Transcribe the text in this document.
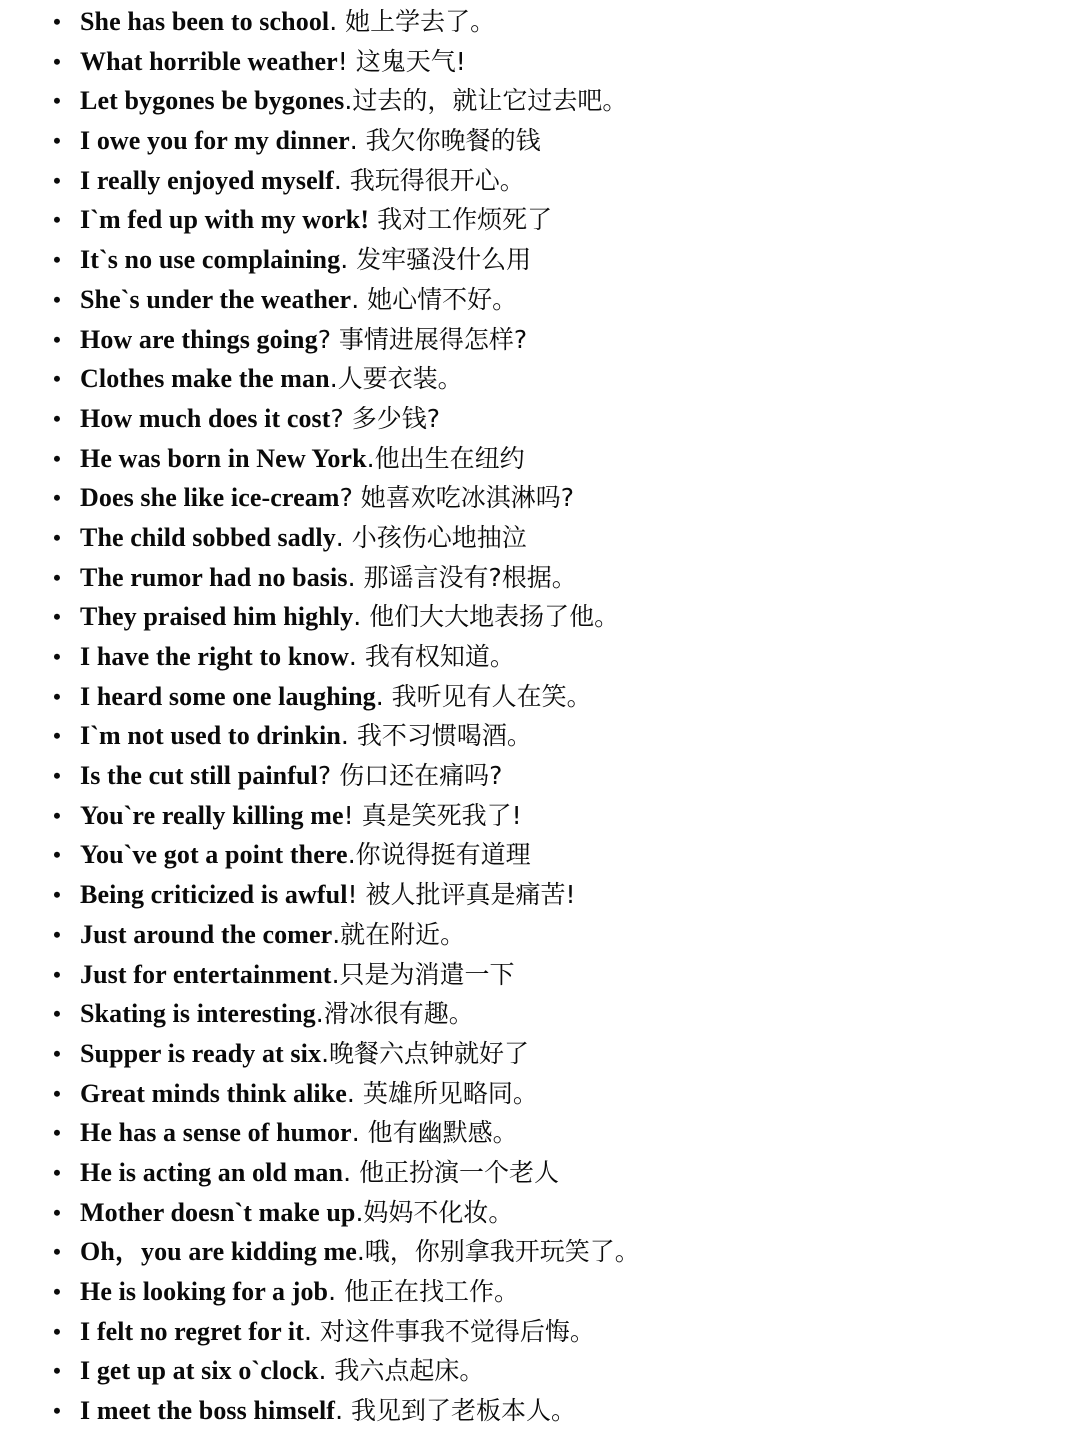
• She has been to school. 她上学去了。
• What horrible weather! 这鬼天气!
• Let bygones be bygones.过去的，就让它过去吧。
• I owe you for my dinner. 我欠你晚餐的钱
• I really enjoyed myself. 我玩得很开心。
• I`m fed up with my work! 我对工作烦死了
• It`s no use complaining. 发牢骚没什么用
• She`s under the weather. 她心情不好。
• How are things going? 事情进展得怎样?
• Clothes make the man.人要衣装。
• How much does it cost? 多少钱?
• He was born in New York.他出生在纽约
• Does she like ice-cream? 她喜欢吃冰淇淋吗?
• The child sobbed sadly. 小孩伤心地抽泣
• The rumor had no basis. 那谣言没有?根据。
• They praised him highly. 他们大大地表扬了他。
• I have the right to know. 我有权知道。
• I heard some one laughing. 我听见有人在笑。
• I`m not used to drinkin. 我不习惯喝酒。
• Is the cut still painful? 伤口还在痛吗?
• You`re really killing me! 真是笑死我了!
• You`ve got a point there.你说得挺有道理
• Being criticized is awful! 被人批评真是痛苦!
• Just around the comer.就在附近。
• Just for entertainment.只是为消遣一下
• Skating is interesting.滑冰很有趣。
• Supper is ready at six.晚餐六点钟就好了
• Great minds think alike. 英雄所见略同。
• He has a sense of humor. 他有幽默感。
• He is acting an old man. 他正扮演一个老人
• Mother doesn`t make up.妈妈不化妆。
• Oh，you are kidding me.哦，你别拿我开玩笑了。
• He is looking for a job. 他正在找工作。
• I felt no regret for it. 对这件事我不觉得后悔。
• I get up at six o`clock. 我六点起床。
• I meet the boss himself. 我见到了老板本人。
